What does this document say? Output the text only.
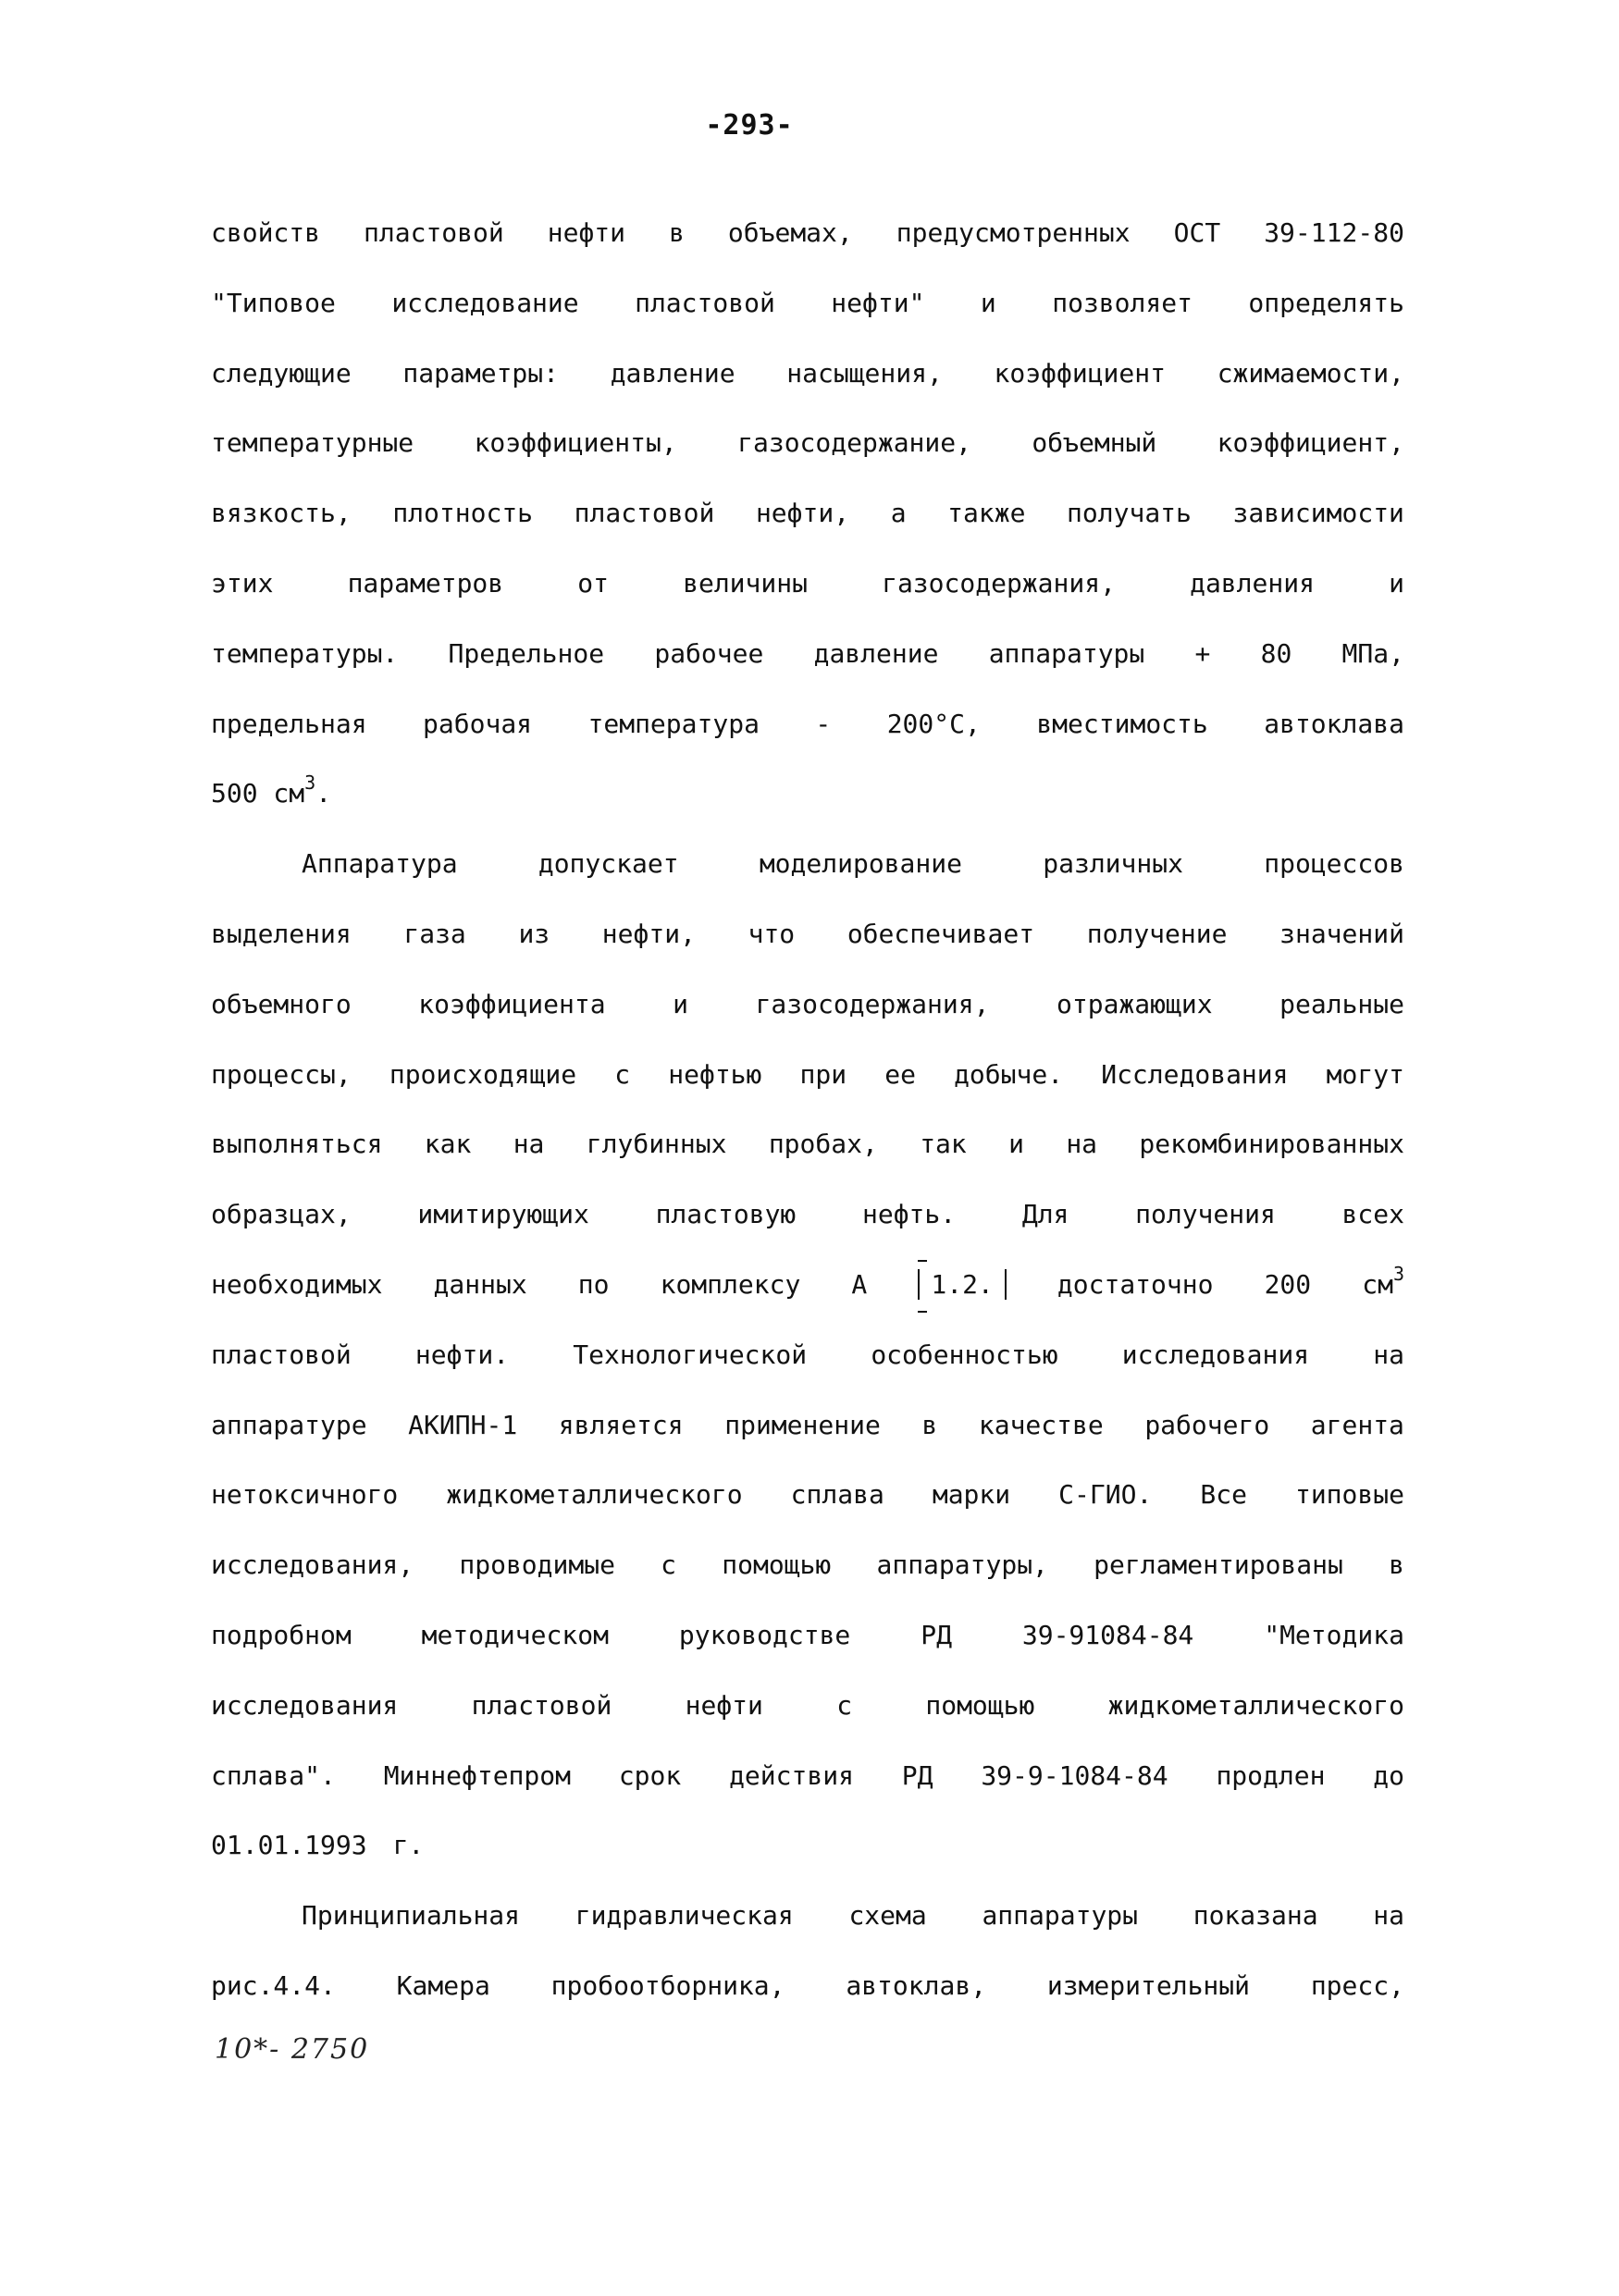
-293-
свойств пластовой нефти в объемах, предусмотренных ОСТ 39-112-80
"Типовое исследование пластовой нефти" и позволяет определять
следующие параметры: давление насыщения, коэффициент сжимаемости,
температурные коэффициенты, газосодержание, объемный коэффициент,
вязкость, плотность пластовой нефти, а также получать зависимости
этих	параметров	от	величины	газосодержания,	давления	и
температуры. Предельное рабочее давление аппаратуры + 80 МПа,
предельная рабочая температура - 200°С, вместимость автоклава
500 $см^3$.
Аппаратура	допускает	моделирование	различных	процессов
выделения газа из нефти, что обеспечивает получение значений
объемного	коэффициента	и	газосодержания,	отражающих	реальные
процессы, происходящие с нефтью при ее добыче. Исследования могут
выполняться как на глубинных пробах, так и на рекомбинированных
образцах,	имитирующих	пластовую	нефть.	Для	получения	всех
необходимых данных по комплексу А	1.2.	достаточно 200 $см^3$
пластовой нефти. Технологической особенностью исследования на
аппаратуре АКИПН-1 является применение в качестве рабочего агента
нетоксичного жидкометаллического сплава марки С-ГИО. Все типовые
исследования, проводимые с помощью аппаратуры, регламентированы в
подробном	методическом	руководстве	РД	39-91084-84	"Методика
исследования	пластовой	нефти	с	помощью	жидкометаллического
сплава". Миннефтепром срок действия РД 39-9-1084-84 продлен до
01.01.1993 г.
Принципиальная гидравлическая схема аппаратуры показана на
рис.4.4. Камера пробоотборника, автоклав, измерительный пресс,
10*- 2750
